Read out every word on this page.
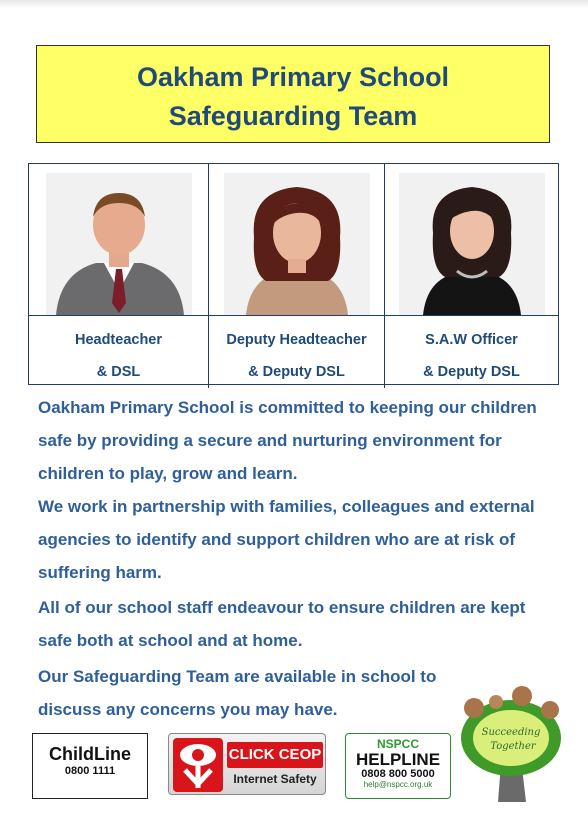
Oakham Primary School
Safeguarding Team
Headteacher
& DSL
Deputy Headteacher
& Deputy DSL
S.A.W Officer
& Deputy DSL

Oakham Primary School is committed to keeping our children safe by providing a secure and nurturing environment for children to play, grow and learn.

We work in partnership with families, colleagues and external agencies to identify and support children who are at risk of suffering harm.

All of our school staff endeavour to ensure children are kept safe both at school and at home.

Our Safeguarding Team are available in school to discuss any concerns you may have.

ChildLine
0800 1111
CLICK CEOP
Internet Safety
NSPCC
HELPLINE
0808 800 5000
help@nspcc.org.uk
Succeeding
Together
